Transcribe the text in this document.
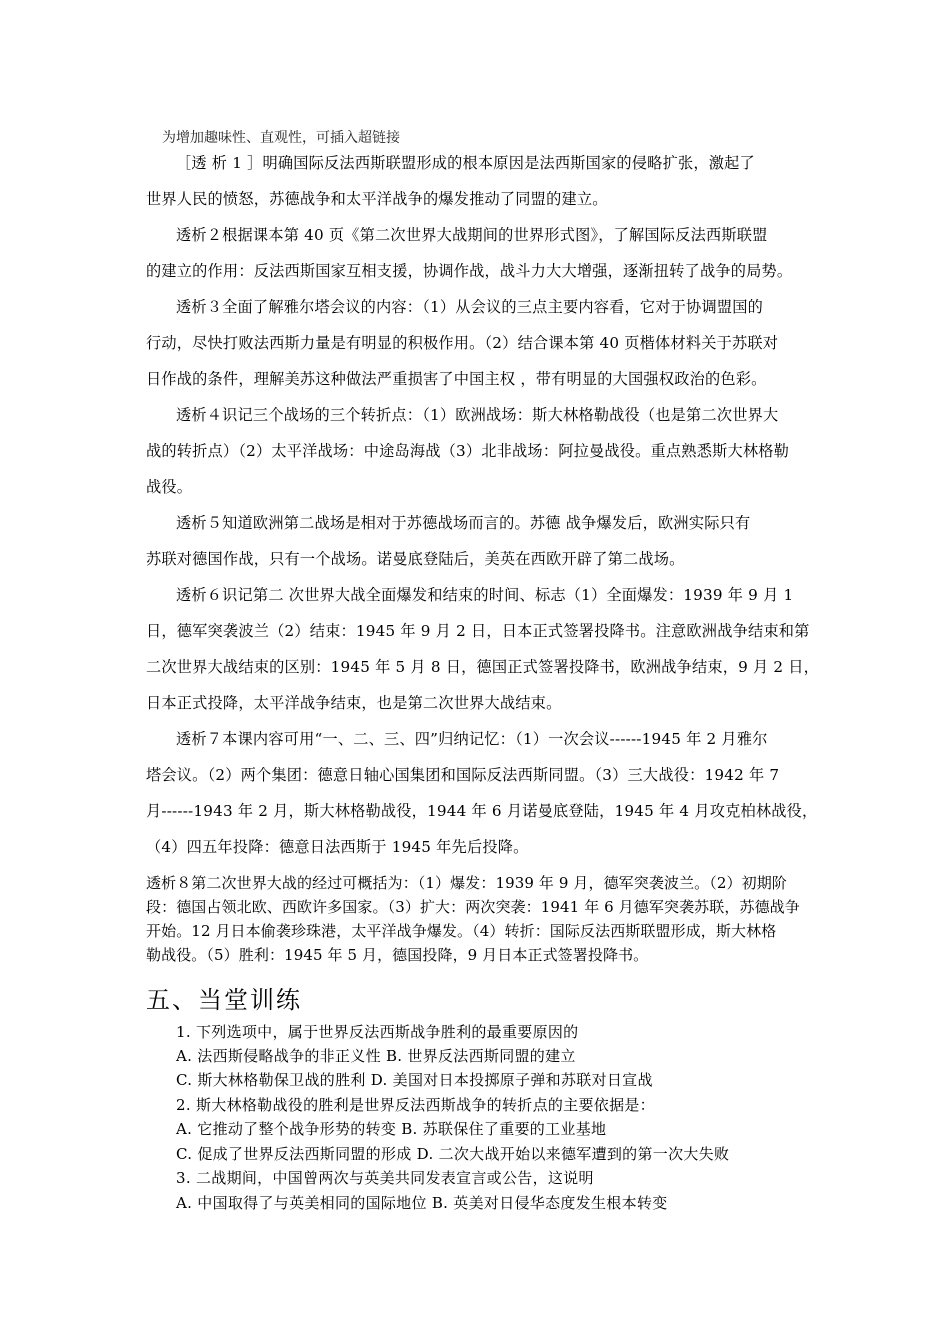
为增加趣味性、直观性，可插入超链接
［透 析 1 ］明确国际反法西斯联盟形成的根本原因是法西斯国家的侵略扩张，激起了
世界人民的愤怒，苏德战争和太平洋战争的爆发推动了同盟的建立。
透析２根据课本第 40 页《第二次世界大战期间的世界形式图》，了解国际反法西斯联盟
的建立的作用：反法西斯国家互相支援，协调作战，战斗力大大增强，逐渐扭转了战争的局势。
透析３全面了解雅尔塔会议的内容：（1）从会议的三点主要内容看，它对于协调盟国的
行动，尽快打败法西斯力量是有明显的积极作用。（2）结合课本第 40 页楷体材料关于苏联对
日作战的条件，理解美苏这种做法严重损害了中国主权 ，带有明显的大国强权政治的色彩。
透析４识记三个战场的三个转折点：（1）欧洲战场：斯大林格勒战役（也是第二次世界大
战的转折点）（2）太平洋战场：中途岛海战（3）北非战场：阿拉曼战役。重点熟悉斯大林格勒
战役。
透析５知道欧洲第二战场是相对于苏德战场而言的。苏德 战争爆发后，欧洲实际只有
苏联对德国作战，只有一个战场。诺曼底登陆后，美英在西欧开辟了第二战场。
透析６识记第二 次世界大战全面爆发和结束的时间、标志（1）全面爆发：1939 年 9 月 1
日，德军突袭波兰（2）结束：1945 年 9 月 2 日，日本正式签署投降书。注意欧洲战争结束和第
二次世界大战结束的区别：1945 年 5 月 8 日，德国正式签署投降书，欧洲战争结束，9 月 2 日，
日本正式投降，太平洋战争结束，也是第二次世界大战结束。
透析７本课内容可用“一、二、三、四”归纳记忆：（1）一次会议------1945 年 2 月雅尔
塔会议。（2）两个集团：德意日轴心国集团和国际反法西斯同盟。（3）三大战役：1942 年 7
月------1943 年 2 月，斯大林格勒战役，1944 年 6 月诺曼底登陆，1945 年 4 月攻克柏林战役，
（4）四五年投降：德意日法西斯于 1945 年先后投降。
透析８第二次世界大战的经过可概括为：（1）爆发：1939 年 9 月，德军突袭波兰。（2）初期阶
段：德国占领北欧、西欧许多国家。（3）扩大：两次突袭：1941 年 6 月德军突袭苏联，苏德战争
开始。12 月日本偷袭珍珠港，太平洋战争爆发。（4）转折：国际反法西斯联盟形成，斯大林格
勒战役。（5）胜利：1945 年 5 月，德国投降，9 月日本正式签署投降书。
五、当堂训练
1. 下列选项中，属于世界反法西斯战争胜利的最重要原因的
A. 法西斯侵略战争的非正义性 B. 世界反法西斯同盟的建立
C. 斯大林格勒保卫战的胜利 D. 美国对日本投掷原子弹和苏联对日宣战
2. 斯大林格勒战役的胜利是世界反法西斯战争的转折点的主要依据是：
A. 它推动了整个战争形势的转变 B. 苏联保住了重要的工业基地
C. 促成了世界反法西斯同盟的形成 D. 二次大战开始以来德军遭到的第一次大失败
3. 二战期间，中国曾两次与英美共同发表宣言或公告，这说明
A. 中国取得了与英美相同的国际地位 B. 英美对日侵华态度发生根本转变
